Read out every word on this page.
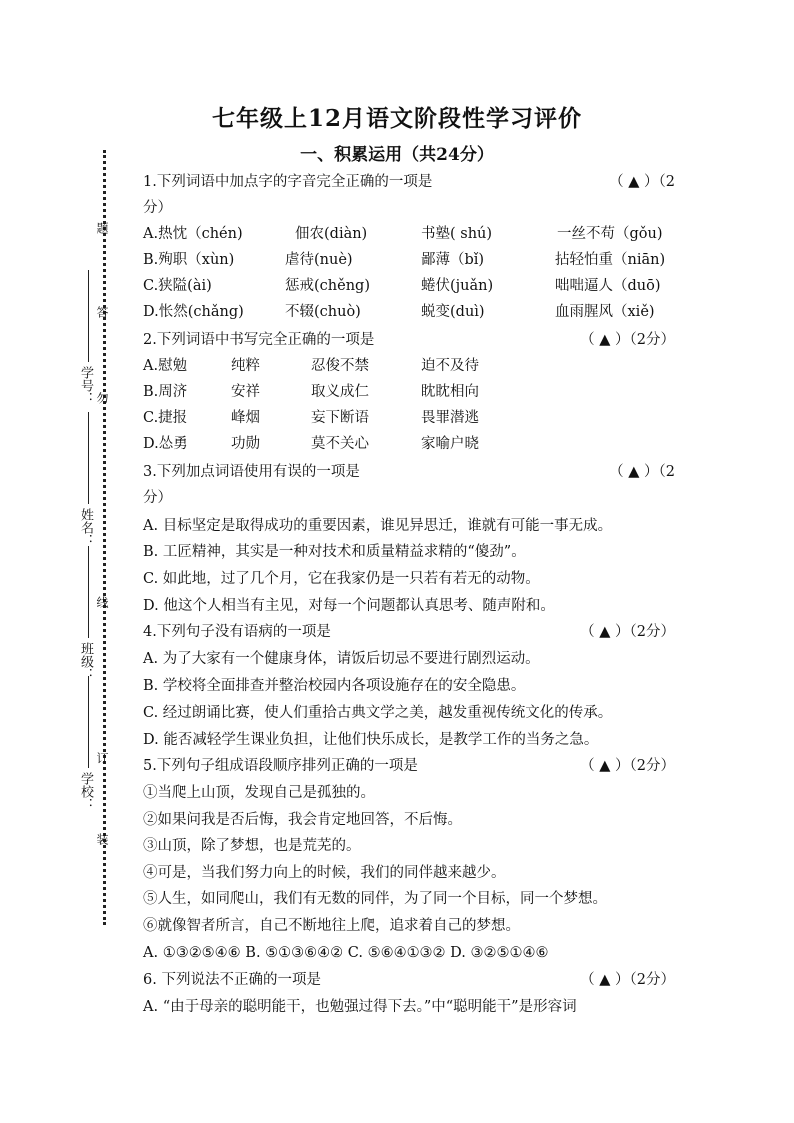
题
答
勿
线
订
装
学号：
姓名：
班级：
学校：
七年级上12月语文阶段性学习评价
一、积累运用（共24分）
1.下列词语中加点字的字音完全正确的一项是	（ ▲ ）（2
分）
A.热忱（chén)	佃农(diàn)	书塾( shú)	一丝不苟（gǒu)
B.殉职（xùn)	虐待(nuè)	鄙薄（bǐ)	拈轻怕重（niān)
C.狭隘(ài)	惩戒(chěng)	蜷伏(juǎn)	咄咄逼人（duō)
D.怅然(chǎng)	不辍(chuò)	蜕变(duì)	血雨腥风（xiě)
2.下列词语中书写完全正确的一项是	（ ▲ ）（2分）
A.慰勉	纯粹	忍俊不禁	迫不及待
B.周济	安祥	取义成仁	眈眈相向
C.捷报	峰烟	妄下断语	畏罪潜逃
D.怂勇	功勋	莫不关心	家喻户晓
3.下列加点词语使用有误的一项是	（ ▲ ）（2
分）
A. 目标坚定是取得成功的重要因素，谁见异思迁，谁就有可能一事无成。
B. 工匠精神，其实是一种对技术和质量精益求精的“傻劲”。
C. 如此地，过了几个月，它在我家仍是一只若有若无的动物。
D. 他这个人相当有主见，对每一个问题都认真思考、随声附和。
4.下列句子没有语病的一项是	（ ▲ ）（2分）
A. 为了大家有一个健康身体，请饭后切忌不要进行剧烈运动。
B. 学校将全面排查并整治校园内各项设施存在的安全隐患。
C. 经过朗诵比赛，使人们重拾古典文学之美，越发重视传统文化的传承。
D. 能否减轻学生课业负担，让他们快乐成长，是教学工作的当务之急。
5.下列句子组成语段顺序排列正确的一项是	（ ▲ ）（2分）
①当爬上山顶，发现自己是孤独的。
②如果问我是否后悔，我会肯定地回答，不后悔。
③山顶，除了梦想，也是荒芜的。
④可是，当我们努力向上的时候，我们的同伴越来越少。
⑤人生，如同爬山，我们有无数的同伴，为了同一个目标，同一个梦想。
⑥就像智者所言，自己不断地往上爬，追求着自己的梦想。
A. ①③②⑤④⑥ B. ⑤①③⑥④② C. ⑤⑥④①③② D. ③②⑤①④⑥
6. 下列说法不正确的一项是	（ ▲ ）（2分）
A. “由于母亲的聪明能干，也勉强过得下去。”中“聪明能干”是形容词
